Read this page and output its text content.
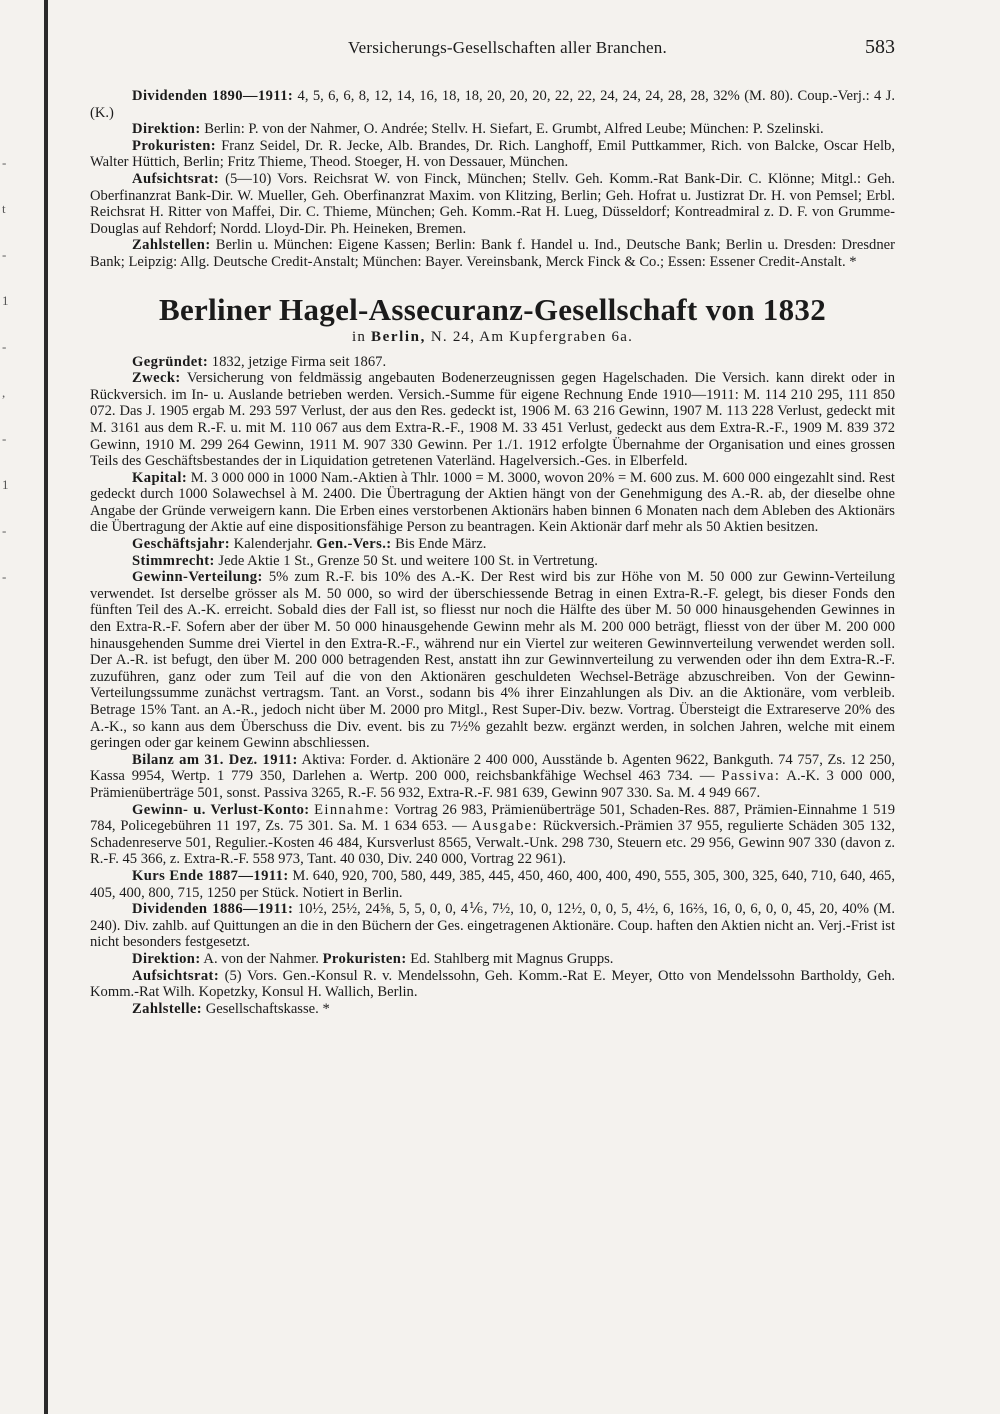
-
t
-
1
-
,
-
1
-
-
Versicherungs-Gesellschaften aller Branchen.	583

Dividenden 1890—1911: 4, 5, 6, 6, 8, 12, 14, 16, 18, 18, 20, 20, 20, 22, 22, 24, 24, 24, 28, 28, 32% (M. 80). Coup.-Verj.: 4 J. (K.)

Direktion: Berlin: P. von der Nahmer, O. Andrée; Stellv. H. Siefart, E. Grumbt, Alfred Leube; München: P. Szelinski.

Prokuristen: Franz Seidel, Dr. R. Jecke, Alb. Brandes, Dr. Rich. Langhoff, Emil Puttkammer, Rich. von Balcke, Oscar Helb, Walter Hüttich, Berlin; Fritz Thieme, Theod. Stoeger, H. von Dessauer, München.

Aufsichtsrat: (5—10) Vors. Reichsrat W. von Finck, München; Stellv. Geh. Komm.-Rat Bank-Dir. C. Klönne; Mitgl.: Geh. Oberfinanzrat Bank-Dir. W. Mueller, Geh. Oberfinanzrat Maxim. von Klitzing, Berlin; Geh. Hofrat u. Justizrat Dr. H. von Pemsel; Erbl. Reichsrat H. Ritter von Maffei, Dir. C. Thieme, München; Geh. Komm.-Rat H. Lueg, Düsseldorf; Kontreadmiral z. D. F. von Grumme-Douglas auf Rehdorf; Nordd. Lloyd-Dir. Ph. Heineken, Bremen.

Zahlstellen: Berlin u. München: Eigene Kassen; Berlin: Bank f. Handel u. Ind., Deutsche Bank; Berlin u. Dresden: Dresdner Bank; Leipzig: Allg. Deutsche Credit-Anstalt; München: Bayer. Vereinsbank, Merck Finck & Co.; Essen: Essener Credit-Anstalt. *

Berliner Hagel-Assecuranz-Gesellschaft von 1832
in Berlin, N. 24, Am Kupfergraben 6a.

Gegründet: 1832, jetzige Firma seit 1867.

Zweck: Versicherung von feldmässig angebauten Bodenerzeugnissen gegen Hagelschaden. Die Versich. kann direkt oder in Rückversich. im In- u. Auslande betrieben werden. Versich.-Summe für eigene Rechnung Ende 1910—1911: M. 114 210 295, 111 850 072. Das J. 1905 ergab M. 293 597 Verlust, der aus den Res. gedeckt ist, 1906 M. 63 216 Gewinn, 1907 M. 113 228 Verlust, gedeckt mit M. 3161 aus dem R.-F. u. mit M. 110 067 aus dem Extra-R.-F., 1908 M. 33 451 Verlust, gedeckt aus dem Extra-R.-F., 1909 M. 839 372 Gewinn, 1910 M. 299 264 Gewinn, 1911 M. 907 330 Gewinn. Per 1./1. 1912 erfolgte Übernahme der Organisation und eines grossen Teils des Geschäftsbestandes der in Liquidation getretenen Vaterländ. Hagelversich.-Ges. in Elberfeld.

Kapital: M. 3 000 000 in 1000 Nam.-Aktien à Thlr. 1000 = M. 3000, wovon 20% = M. 600 zus. M. 600 000 eingezahlt sind. Rest gedeckt durch 1000 Solawechsel à M. 2400. Die Übertragung der Aktien hängt von der Genehmigung des A.-R. ab, der dieselbe ohne Angabe der Gründe verweigern kann. Die Erben eines verstorbenen Aktionärs haben binnen 6 Monaten nach dem Ableben des Aktionärs die Übertragung der Aktie auf eine dispositionsfähige Person zu beantragen. Kein Aktionär darf mehr als 50 Aktien besitzen.

Geschäftsjahr: Kalenderjahr. Gen.-Vers.: Bis Ende März.

Stimmrecht: Jede Aktie 1 St., Grenze 50 St. und weitere 100 St. in Vertretung.

Gewinn-Verteilung: 5% zum R.-F. bis 10% des A.-K. Der Rest wird bis zur Höhe von M. 50 000 zur Gewinn-Verteilung verwendet. Ist derselbe grösser als M. 50 000, so wird der überschiessende Betrag in einen Extra-R.-F. gelegt, bis dieser Fonds den fünften Teil des A.-K. erreicht. Sobald dies der Fall ist, so fliesst nur noch die Hälfte des über M. 50 000 hinausgehenden Gewinnes in den Extra-R.-F. Sofern aber der über M. 50 000 hinausgehende Gewinn mehr als M. 200 000 beträgt, fliesst von der über M. 200 000 hinausgehenden Summe drei Viertel in den Extra-R.-F., während nur ein Viertel zur weiteren Gewinnverteilung verwendet werden soll. Der A.-R. ist befugt, den über M. 200 000 betragenden Rest, anstatt ihn zur Gewinnverteilung zu verwenden oder ihn dem Extra-R.-F. zuzuführen, ganz oder zum Teil auf die von den Aktionären geschuldeten Wechsel-Beträge abzuschreiben. Von der Gewinn-Verteilungssumme zunächst vertragsm. Tant. an Vorst., sodann bis 4% ihrer Einzahlungen als Div. an die Aktionäre, vom verbleib. Betrage 15% Tant. an A.-R., jedoch nicht über M. 2000 pro Mitgl., Rest Super-Div. bezw. Vortrag. Übersteigt die Extrareserve 20% des A.-K., so kann aus dem Überschuss die Div. event. bis zu 7½% gezahlt bezw. ergänzt werden, in solchen Jahren, welche mit einem geringen oder gar keinem Gewinn abschliessen.

Bilanz am 31. Dez. 1911: Aktiva: Forder. d. Aktionäre 2 400 000, Ausstände b. Agenten 9622, Bankguth. 74 757, Zs. 12 250, Kassa 9954, Wertp. 1 779 350, Darlehen a. Wertp. 200 000, reichsbankfähige Wechsel 463 734. — Passiva: A.-K. 3 000 000, Prämienüberträge 501, sonst. Passiva 3265, R.-F. 56 932, Extra-R.-F. 981 639, Gewinn 907 330. Sa. M. 4 949 667.

Gewinn- u. Verlust-Konto: Einnahme: Vortrag 26 983, Prämienüberträge 501, Schaden-Res. 887, Prämien-Einnahme 1 519 784, Policegebühren 11 197, Zs. 75 301. Sa. M. 1 634 653. — Ausgabe: Rückversich.-Prämien 37 955, regulierte Schäden 305 132, Schadenreserve 501, Regulier.-Kosten 46 484, Kursverlust 8565, Verwalt.-Unk. 298 730, Steuern etc. 29 956, Gewinn 907 330 (davon z. R.-F. 45 366, z. Extra-R.-F. 558 973, Tant. 40 030, Div. 240 000, Vortrag 22 961).

Kurs Ende 1887—1911: M. 640, 920, 700, 580, 449, 385, 445, 450, 460, 400, 400, 490, 555, 305, 300, 325, 640, 710, 640, 465, 405, 400, 800, 715, 1250 per Stück. Notiert in Berlin.

Dividenden 1886—1911: 10½, 25½, 24⅝, 5, 5, 0, 0, 4⅙, 7½, 10, 0, 12½, 0, 0, 5, 4½, 6, 16⅔, 16, 0, 6, 0, 0, 45, 20, 40% (M. 240). Div. zahlb. auf Quittungen an die in den Büchern der Ges. eingetragenen Aktionäre. Coup. haften den Aktien nicht an. Verj.-Frist ist nicht besonders festgesetzt.

Direktion: A. von der Nahmer. Prokuristen: Ed. Stahlberg mit Magnus Grupps.

Aufsichtsrat: (5) Vors. Gen.-Konsul R. v. Mendelssohn, Geh. Komm.-Rat E. Meyer, Otto von Mendelssohn Bartholdy, Geh. Komm.-Rat Wilh. Kopetzky, Konsul H. Wallich, Berlin.

Zahlstelle: Gesellschaftskasse. *
